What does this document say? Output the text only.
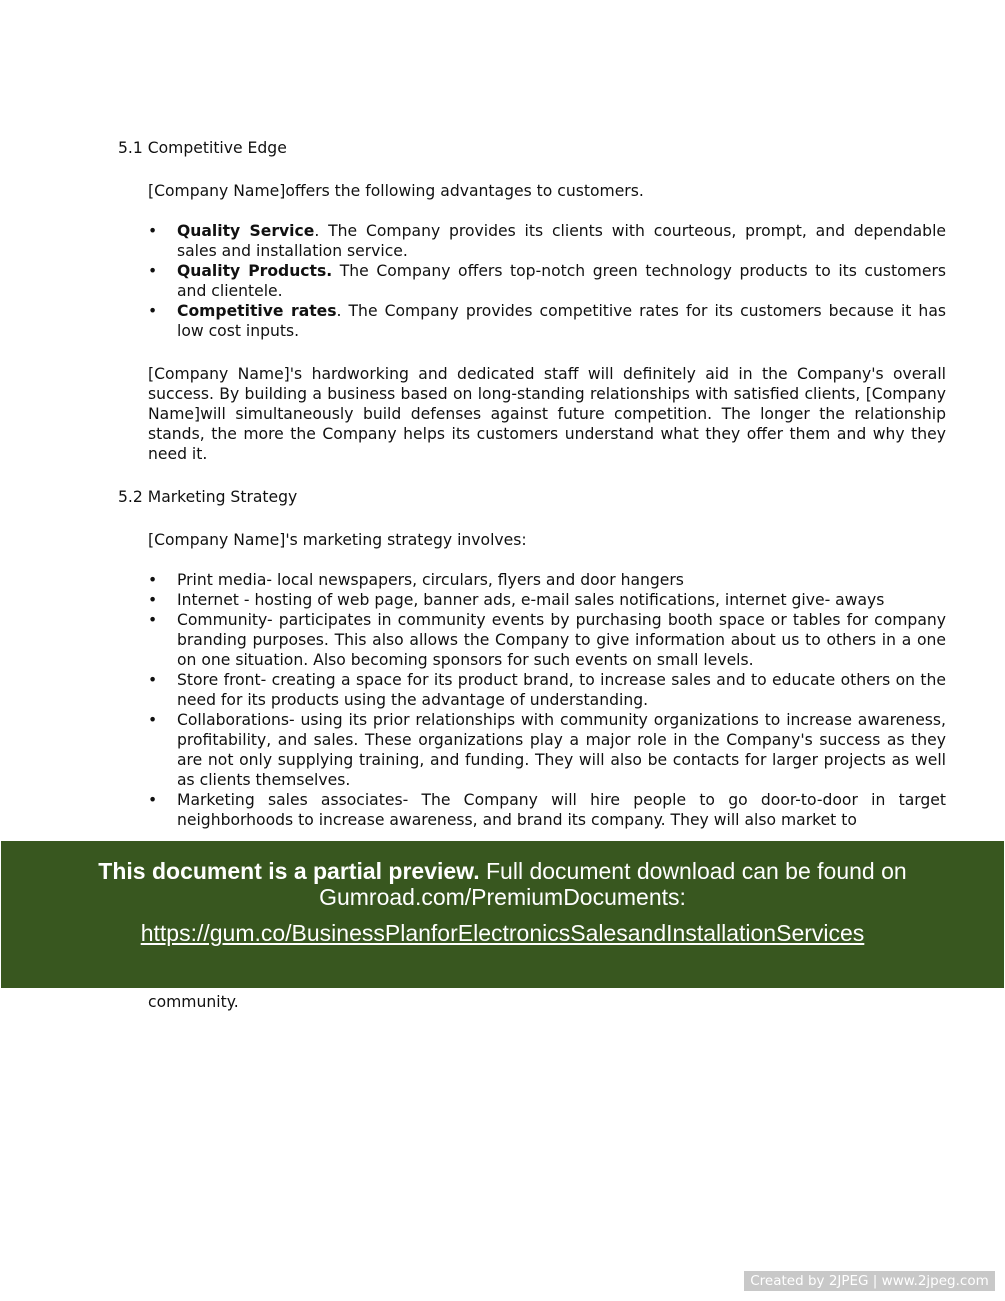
5.1 Competitive Edge
[Company Name]offers the following advantages to customers.
• Quality Service. The Company provides its clients with courteous, prompt, and dependable sales and installation service.
• Quality Products. The Company offers top-notch green technology products to its customers and clientele.
• Competitive rates. The Company provides competitive rates for its customers because it has low cost inputs.
[Company Name]'s hardworking and dedicated staff will definitely aid in the Company's overall success. By building a business based on long-standing relationships with satisfied clients, [Company Name]will simultaneously build defenses against future competition. The longer the relationship stands, the more the Company helps its customers understand what they offer them and why they need it.
5.2 Marketing Strategy
[Company Name]'s marketing strategy involves:
• Print media- local newspapers, circulars, flyers and door hangers
• Internet - hosting of web page, banner ads, e-mail sales notifications, internet give- aways
• Community- participates in community events by purchasing booth space or tables for company branding purposes. This also allows the Company to give information about us to others in a one on one situation. Also becoming sponsors for such events on small levels.
• Store front- creating a space for its product brand, to increase sales and to educate others on the need for its products using the advantage of understanding.
• Collaborations- using its prior relationships with community organizations to increase awareness, profitability, and sales. These organizations play a major role in the Company's success as they are not only supplying training, and funding. They will also be contacts for larger projects as well as clients themselves.
• Marketing sales associates- The Company will hire people to go door-to-door in target neighborhoods to increase awareness, and brand its company. They will also market to
community.
This document is a partial preview. Full document download can be found on
Gumroad.com/PremiumDocuments:
https://gum.co/BusinessPlanforElectronicsSalesandInstallationServices
Created by 2JPEG | www.2jpeg.com
